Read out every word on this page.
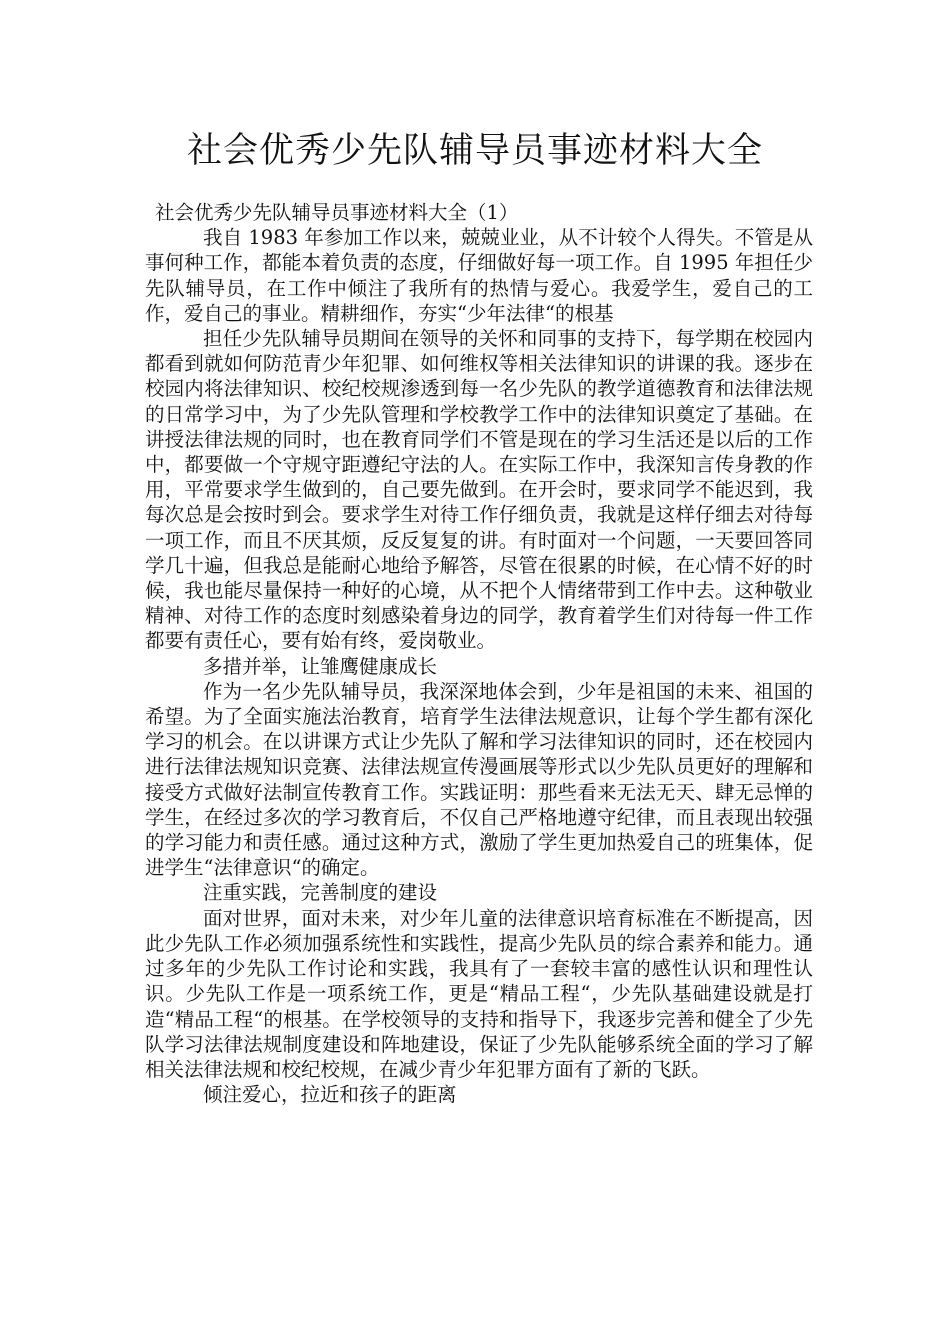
社会优秀少先队辅导员事迹材料大全
社会优秀少先队辅导员事迹材料大全（1）

我自 1983 年参加工作以来，兢兢业业，从不计较个人得失。不管是从事何种工作，都能本着负责的态度，仔细做好每一项工作。自 1995 年担任少先队辅导员，在工作中倾注了我所有的热情与爱心。我爱学生，爱自己的工作，爱自己的事业。精耕细作，夯实“少年法律“的根基

担任少先队辅导员期间在领导的关怀和同事的支持下，每学期在校园内都看到就如何防范青少年犯罪、如何维权等相关法律知识的讲课的我。逐步在校园内将法律知识、校纪校规渗透到每一名少先队的教学道德教育和法律法规的日常学习中，为了少先队管理和学校教学工作中的法律知识奠定了基础。在讲授法律法规的同时，也在教育同学们不管是现在的学习生活还是以后的工作中，都要做一个守规守距遵纪守法的人。在实际工作中，我深知言传身教的作用，平常要求学生做到的，自己要先做到。在开会时，要求同学不能迟到，我每次总是会按时到会。要求学生对待工作仔细负责，我就是这样仔细去对待每一项工作，而且不厌其烦，反反复复的讲。有时面对一个问题，一天要回答同学几十遍，但我总是能耐心地给予解答，尽管在很累的时候，在心情不好的时候，我也能尽量保持一种好的心境，从不把个人情绪带到工作中去。这种敬业精神、对待工作的态度时刻感染着身边的同学，教育着学生们对待每一件工作都要有责任心，要有始有终，爱岗敬业。

多措并举，让雏鹰健康成长

作为一名少先队辅导员，我深深地体会到，少年是祖国的未来、祖国的希望。为了全面实施法治教育，培育学生法律法规意识，让每个学生都有深化学习的机会。在以讲课方式让少先队了解和学习法律知识的同时，还在校园内进行法律法规知识竞赛、法律法规宣传漫画展等形式以少先队员更好的理解和接受方式做好法制宣传教育工作。实践证明：那些看来无法无天、肆无忌惮的学生，在经过多次的学习教育后，不仅自己严格地遵守纪律，而且表现出较强的学习能力和责任感。通过这种方式，激励了学生更加热爱自己的班集体，促进学生“法律意识“的确定。

注重实践，完善制度的建设

面对世界，面对未来，对少年儿童的法律意识培育标准在不断提高，因此少先队工作必须加强系统性和实践性，提高少先队员的综合素养和能力。通过多年的少先队工作讨论和实践，我具有了一套较丰富的感性认识和理性认识。少先队工作是一项系统工作，更是“精品工程“，少先队基础建设就是打造“精品工程“的根基。在学校领导的支持和指导下，我逐步完善和健全了少先队学习法律法规制度建设和阵地建设，保证了少先队能够系统全面的学习了解相关法律法规和校纪校规，在减少青少年犯罪方面有了新的飞跃。

倾注爱心，拉近和孩子的距离
